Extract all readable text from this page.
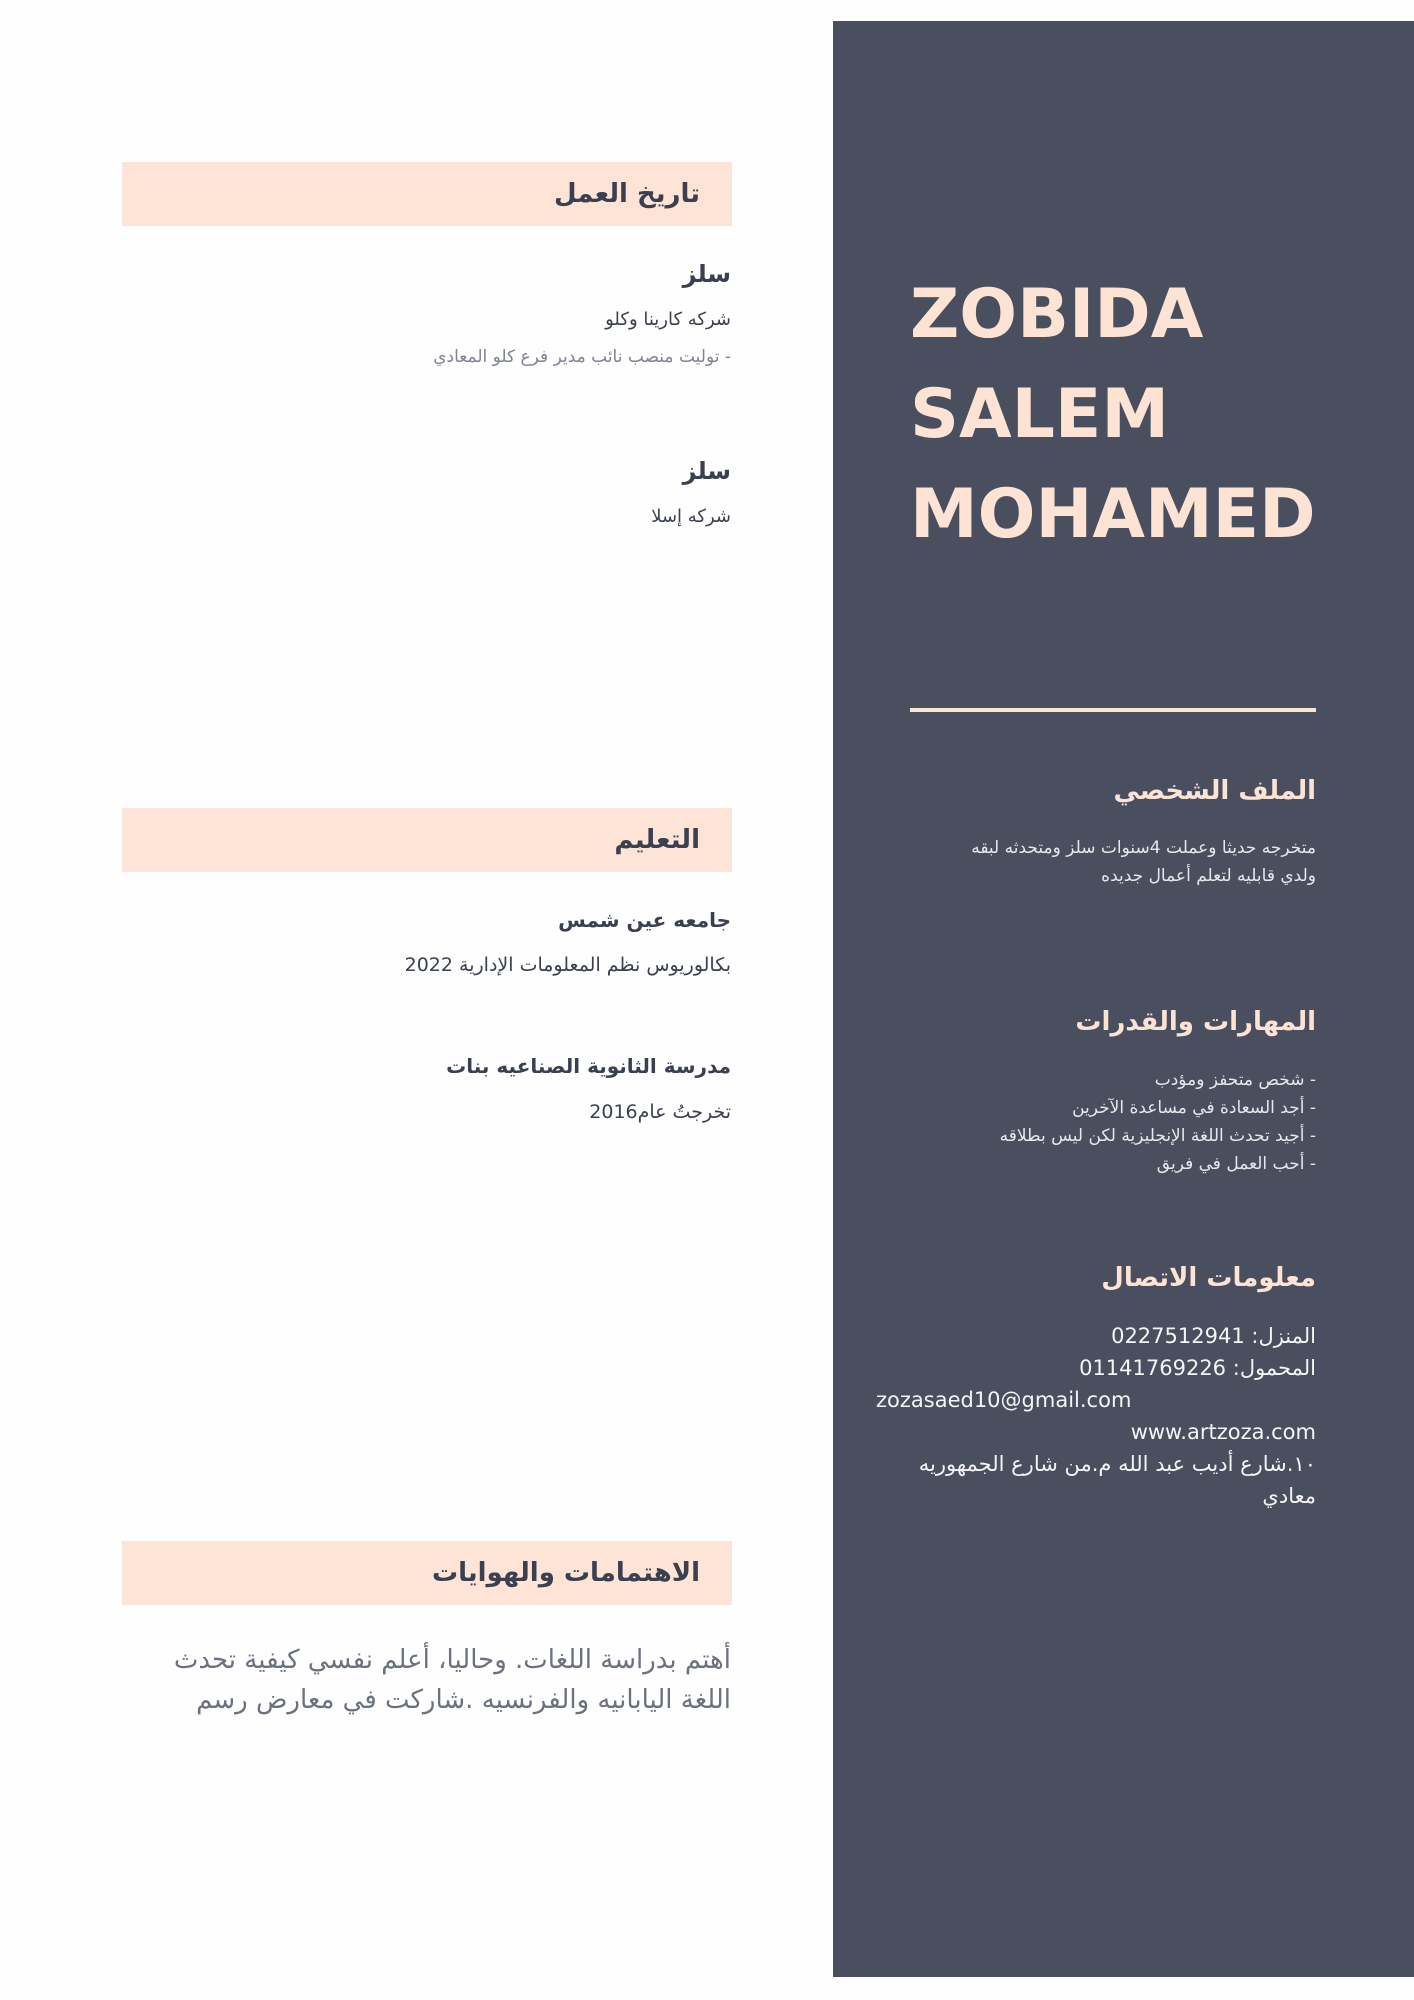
ZOBIDA
SALEM
MOHAMED
الملف الشخصي

متخرجه حديثا وعملت 4سنوات سلز ومتحدثه لبقه
ولدي قابليه لتعلم أعمال جديده

المهارات والقدرات
- شخص متحفز ومؤدب
- أجد السعادة في مساعدة الآخرين
- أجيد تحدث اللغة الإنجليزية لكن ليس بطلاقه
- أحب العمل في فريق
معلومات الاتصال
المنزل: 0227512941
المحمول: 01141769226
zozasaed10@gmail.com
www.artzoza.com
١٠.شارع أديب عبد الله م.من شارع الجمهوريه
معادي
تاريخ العمل
سلز

شركه كارينا وكلو

- توليت منصب نائب مدير فرع كلو المعادي

سلز

شركه إسلا

التعليم
جامعه عين شمس

بكالوريوس نظم المعلومات الإدارية 2022

مدرسة الثانوية الصناعيه بنات

تخرجتُ عام2016

الاهتمامات والهوايات

أهتم بدراسة اللغات. وحاليا، أعلم نفسي كيفية تحدث
اللغة اليابانيه والفرنسيه .شاركت في معارض رسم
